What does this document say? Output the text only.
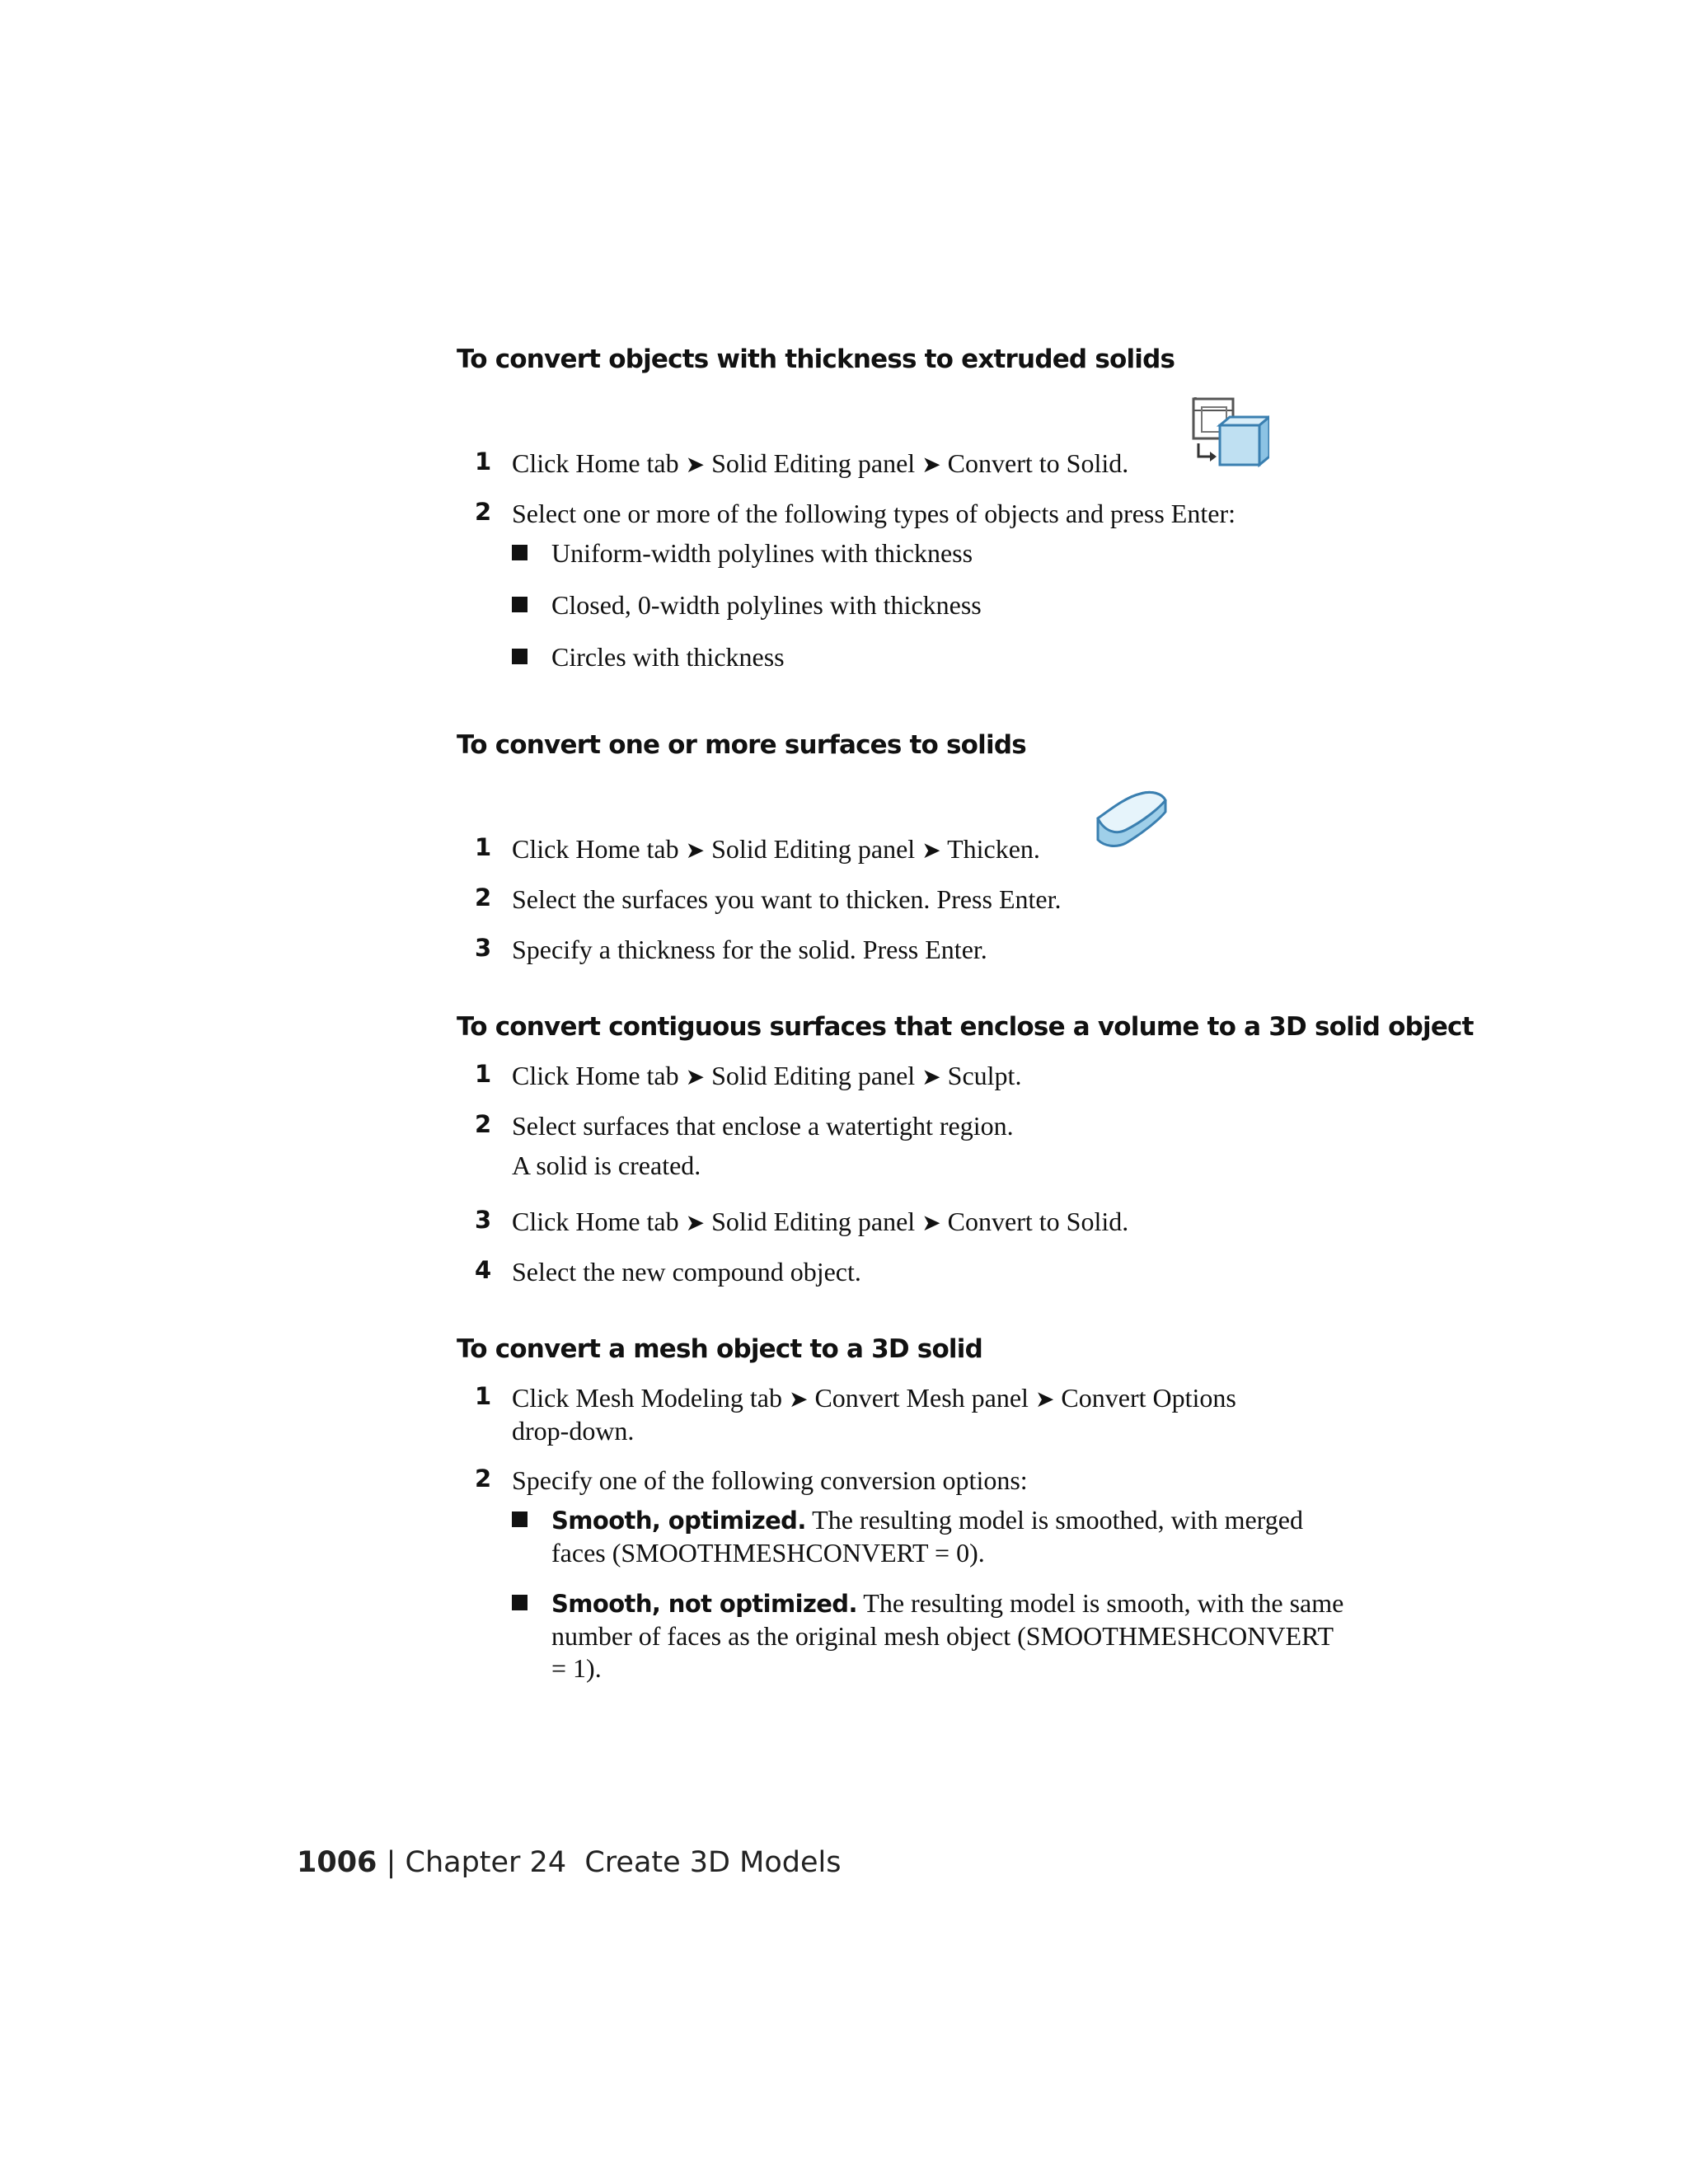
To convert objects with thickness to extruded solids
1 Click Home tab ➤ Solid Editing panel ➤ Convert to Solid.
2 Select one or more of the following types of objects and press Enter:
Uniform-width polylines with thickness
Closed, 0-width polylines with thickness
Circles with thickness
To convert one or more surfaces to solids
1 Click Home tab ➤ Solid Editing panel ➤ Thicken.
2 Select the surfaces you want to thicken. Press Enter.
3 Specify a thickness for the solid. Press Enter.
To convert contiguous surfaces that enclose a volume to a 3D solid object
1 Click Home tab ➤ Solid Editing panel ➤ Sculpt.
2 Select surfaces that enclose a watertight region.
A solid is created.
3 Click Home tab ➤ Solid Editing panel ➤ Convert to Solid.
4 Select the new compound object.
To convert a mesh object to a 3D solid
1 Click Mesh Modeling tab ➤ Convert Mesh panel ➤ Convert Options
drop-down.
2 Specify one of the following conversion options:
Smooth, optimized. The resulting model is smoothed, with merged
faces (SMOOTHMESHCONVERT = 0).
Smooth, not optimized. The resulting model is smooth, with the same
number of faces as the original mesh object (SMOOTHMESHCONVERT
= 1).
1006 | Chapter 24 Create 3D Models
